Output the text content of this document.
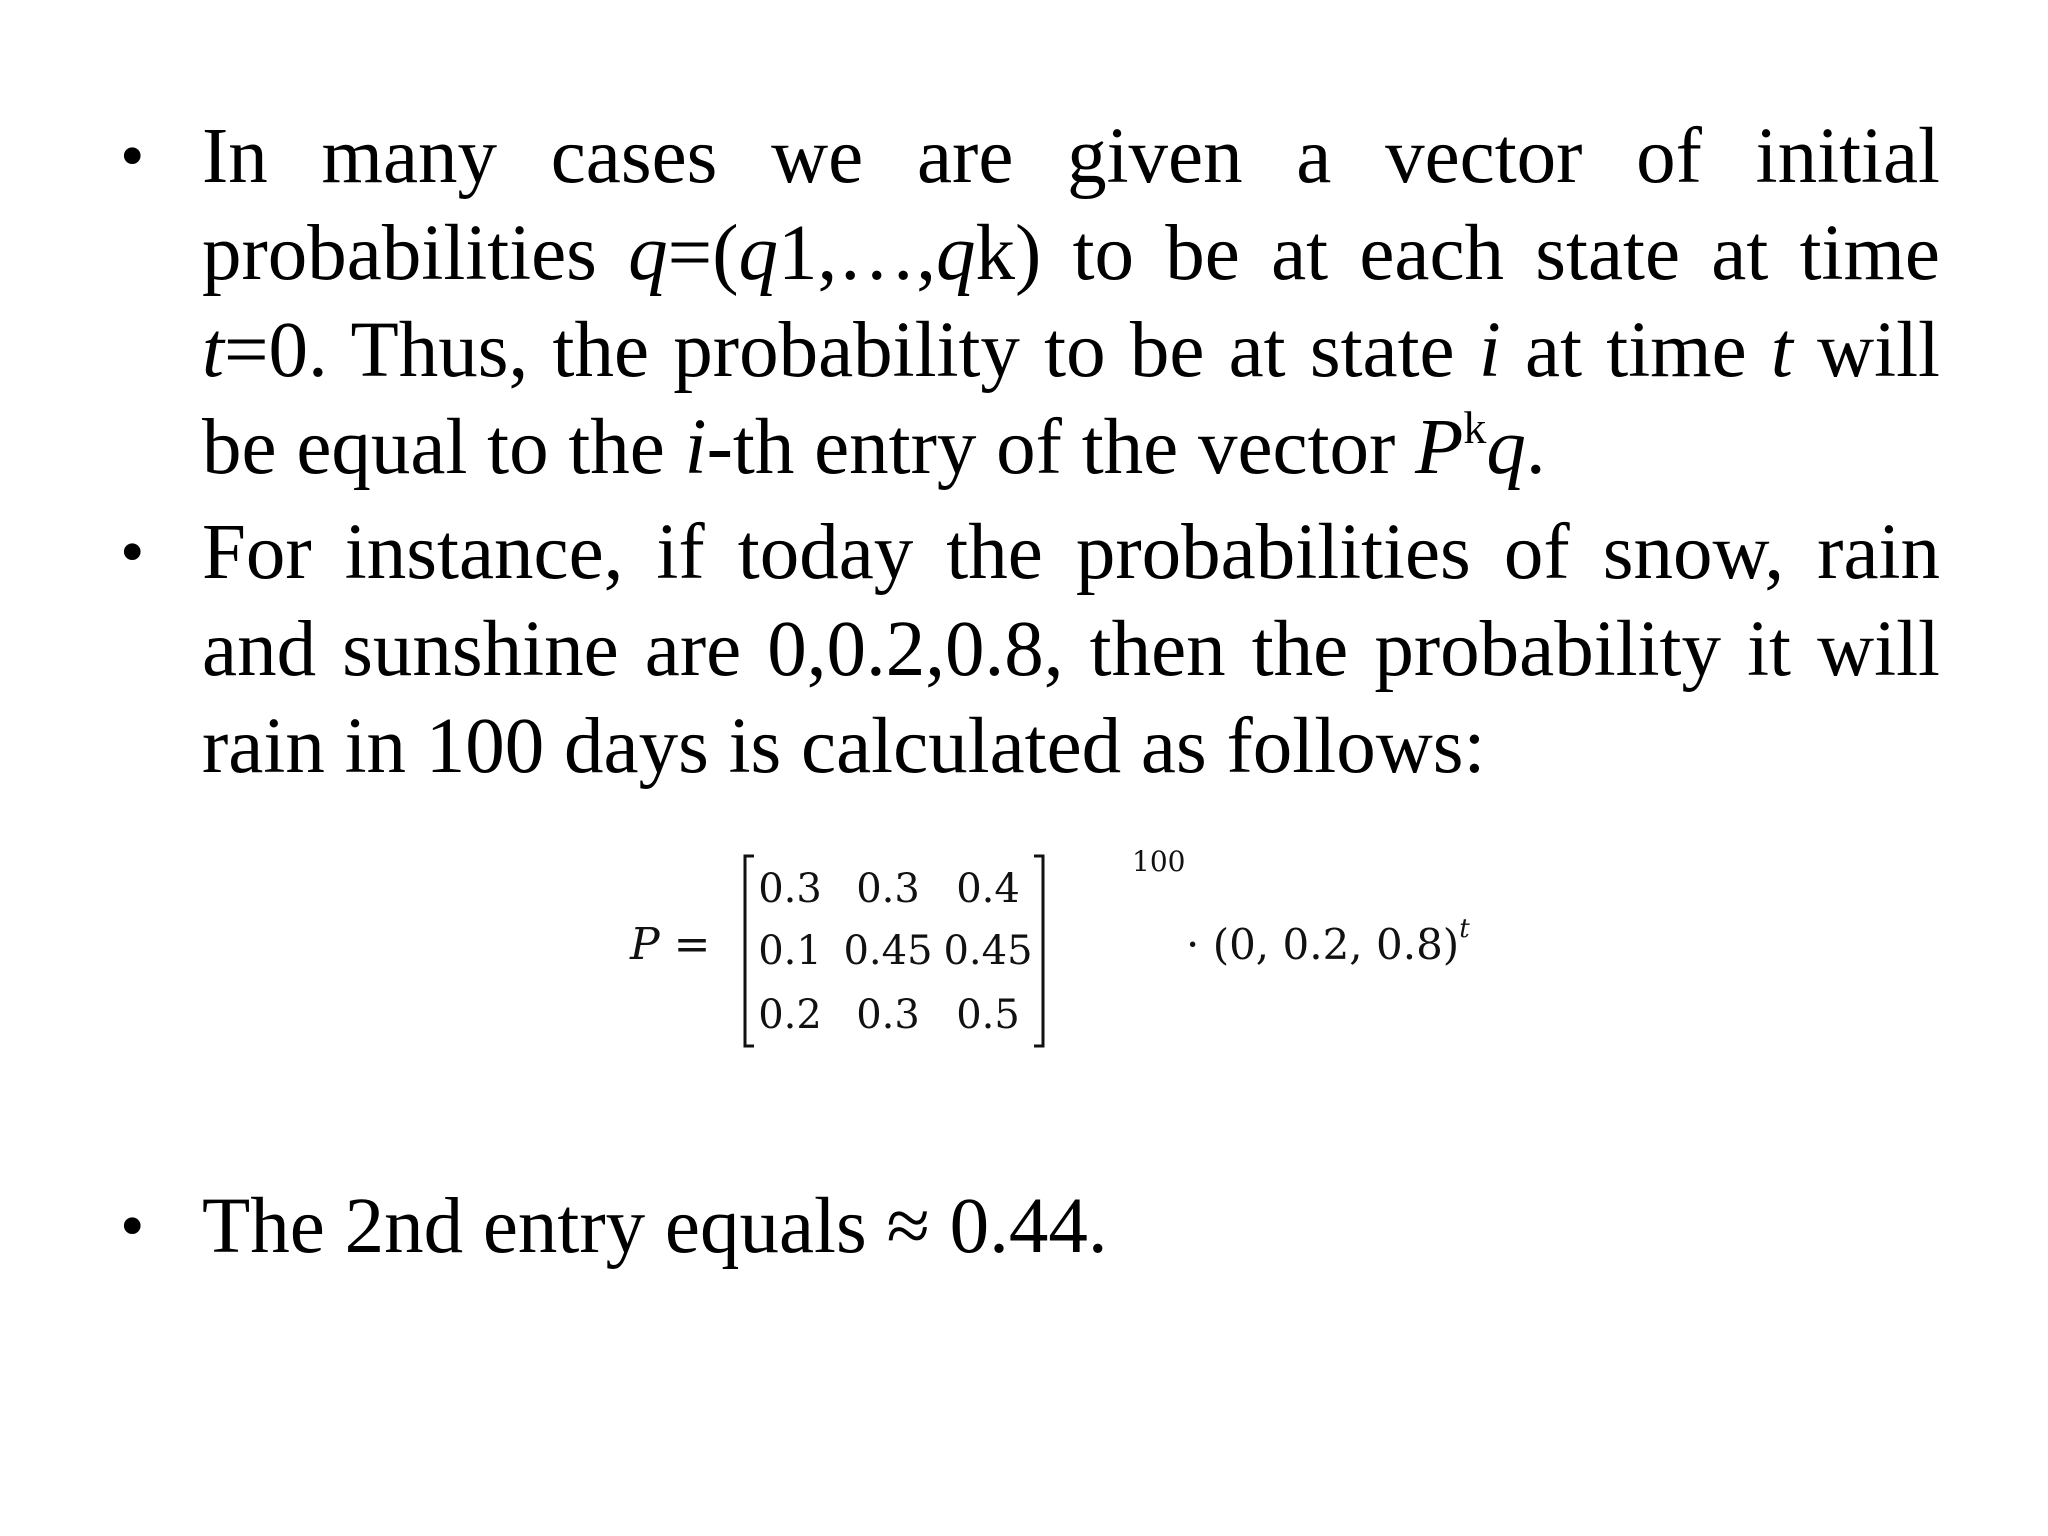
• In many cases we are given a vector of initial probabilities q=(q1,…,qk) to be at each state at time t=0. Thus, the probability to be at state i at time t will be equal to the i-th entry of the vector $P^kq$.
• For instance, if today the probabilities of snow, rain and sunshine are 0,0.2,0.8, then the probability it will rain in 100 days is calculated as follows:
P =
0.3 0.3 0.4
0.1 0.45 0.45
0.2 0.3 0.5
100
· (0, 0.2, 0.8)$^t$
• The 2nd entry equals ≈ 0.44.
